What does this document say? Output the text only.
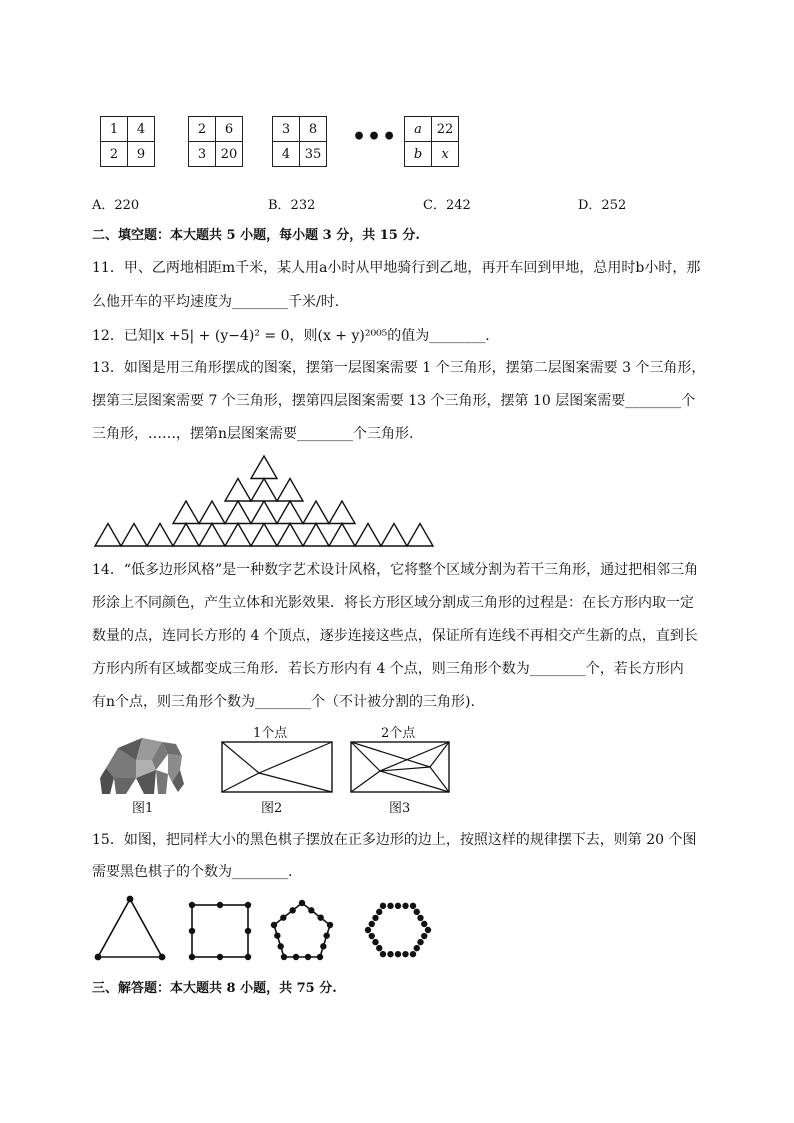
1	4
2	9
2	6
3	20
3	8
4	35
••• a	22
b	x
A．220	B．232	C．242	D．252
二、填空题：本大题共 5 小题，每小题 3 分，共 15 分.
11．甲、乙两地相距m千米，某人用a小时从甲地骑行到乙地，再开车回到甲地，总用时b小时，那
么他开车的平均速度为________千米/时.
12．已知|x +5| + (y−4)² = 0，则(x + y)²⁰⁰⁵的值为________.
13．如图是用三角形摆成的图案，摆第一层图案需要 1 个三角形，摆第二层图案需要 3 个三角形，
摆第三层图案需要 7 个三角形，摆第四层图案需要 13 个三角形，摆第 10 层图案需要________个
三角形，……，摆第n层图案需要________个三角形.
14．“低多边形风格”是一种数字艺术设计风格，它将整个区域分割为若干三角形，通过把相邻三角
形涂上不同颜色，产生立体和光影效果．将长方形区域分割成三角形的过程是：在长方形内取一定
数量的点，连同长方形的 4 个顶点，逐步连接这些点，保证所有连线不再相交产生新的点，直到长
方形内所有区域都变成三角形．若长方形内有 4 个点，则三角形个数为________个，若长方形内
有n个点，则三角形个数为________个（不计被分割的三角形).
图1
1个点
图2
2个点
图3
15．如图，把同样大小的黑色棋子摆放在正多边形的边上，按照这样的规律摆下去，则第 20 个图
需要黑色棋子的个数为________.
三、解答题：本大题共 8 小题，共 75 分.
